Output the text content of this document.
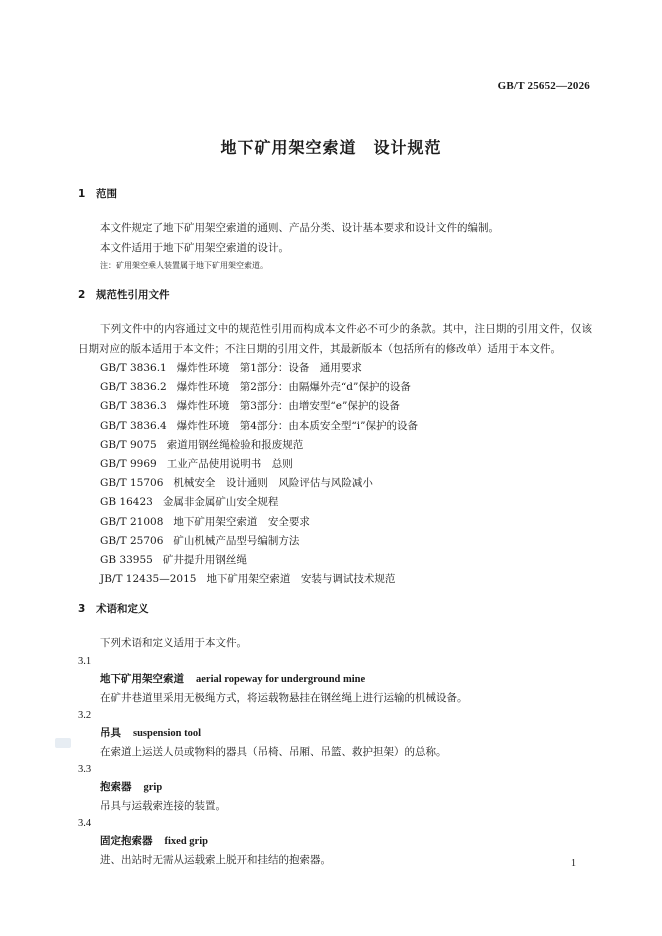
GB/T 25652—2026
地下矿用架空索道　设计规范
1 范围
本文件规定了地下矿用架空索道的通则、产品分类、设计基本要求和设计文件的编制。
本文件适用于地下矿用架空索道的设计。
注：矿用架空乘人装置属于地下矿用架空索道。
2 规范性引用文件
下列文件中的内容通过文中的规范性引用而构成本文件必不可少的条款。其中，注日期的引用文件，仅该日期对应的版本适用于本文件；不注日期的引用文件，其最新版本（包括所有的修改单）适用于本文件。
GB/T 3836.1 爆炸性环境　第1部分：设备　通用要求
GB/T 3836.2 爆炸性环境　第2部分：由隔爆外壳“d”保护的设备
GB/T 3836.3 爆炸性环境　第3部分：由增安型“e”保护的设备
GB/T 3836.4 爆炸性环境　第4部分：由本质安全型“i”保护的设备
GB/T 9075 索道用钢丝绳检验和报废规范
GB/T 9969 工业产品使用说明书　总则
GB/T 15706 机械安全　设计通则　风险评估与风险减小
GB 16423 金属非金属矿山安全规程
GB/T 21008 地下矿用架空索道　安全要求
GB/T 25706 矿山机械产品型号编制方法
GB 33955 矿井提升用钢丝绳
JB/T 12435—2015 地下矿用架空索道　安装与调试技术规范
3 术语和定义
下列术语和定义适用于本文件。
3.1
地下矿用架空索道 aerial ropeway for underground mine
在矿井巷道里采用无极绳方式，将运载物悬挂在钢丝绳上进行运输的机械设备。
3.2
吊具 suspension tool
在索道上运送人员或物料的器具（吊椅、吊厢、吊篮、救护担架）的总称。
3.3
抱索器 grip
吊具与运载索连接的装置。
3.4
固定抱索器 fixed grip
进、出站时无需从运载索上脱开和挂结的抱索器。	1
